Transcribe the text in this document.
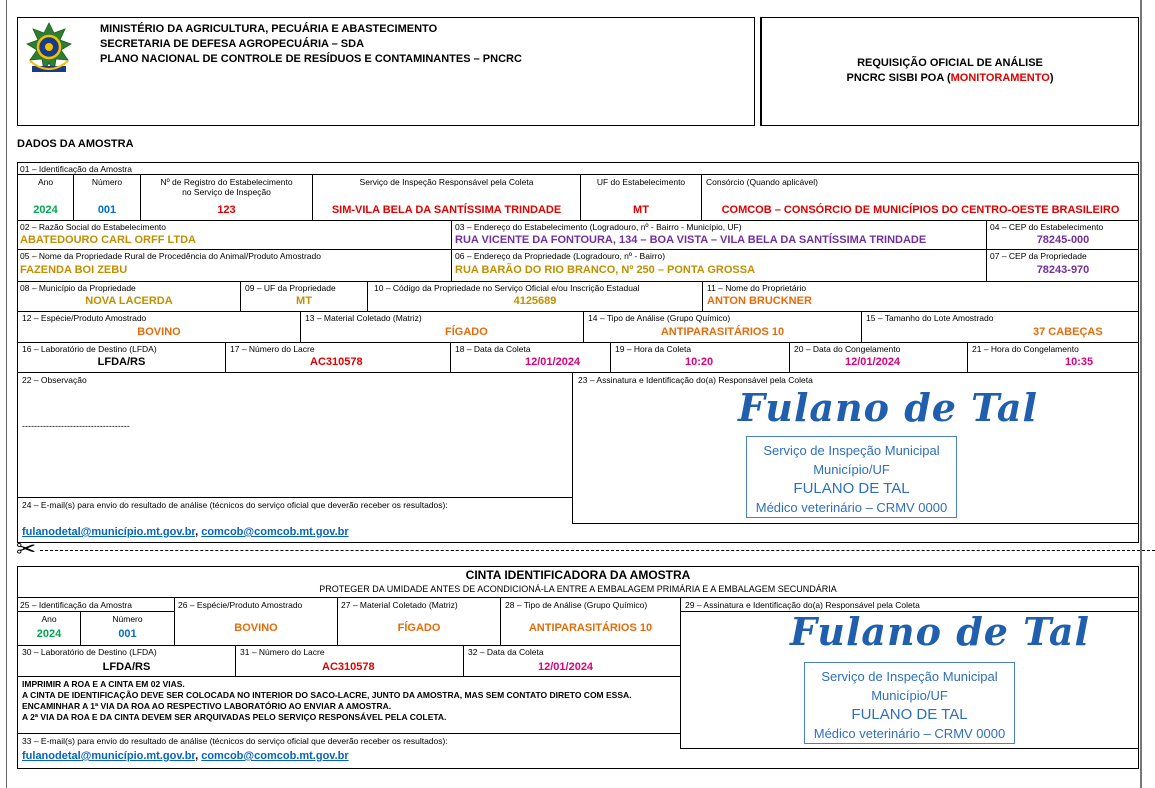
MINISTÉRIO DA AGRICULTURA, PECUÁRIA E ABASTECIMENTO
SECRETARIA DE DEFESA AGROPECUÁRIA – SDA
PLANO NACIONAL DE CONTROLE DE RESÍDUOS E CONTAMINANTES – PNCRC	REQUISIÇÃO OFICIAL DE ANÁLISE
PNCRC SISBI POA (MONITORAMENTO)
DADOS DA AMOSTRA
01 – Identificação da Amostra
Ano
2024
Número
001
Nº de Registro do Estabelecimento
no Serviço de Inspeção
123
Serviço de Inspeção Responsável pela Coleta
SIM-VILA BELA DA SANTÍSSIMA TRINDADE
UF do Estabelecimento
MT
Consórcio (Quando aplicável)
COMCOB – CONSÓRCIO DE MUNICÍPIOS DO CENTRO-OESTE BRASILEIRO
02 – Razão Social do Estabelecimento
ABATEDOURO CARL ORFF LTDA
03 – Endereço do Estabelecimento (Logradouro, nº - Bairro - Município, UF)
RUA VICENTE DA FONTOURA, 134 – BOA VISTA – VILA BELA DA SANTÍSSIMA TRINDADE
04 – CEP do Estabelecimento
78245-000
05 – Nome da Propriedade Rural de Procedência do Animal/Produto Amostrado
FAZENDA BOI ZEBU
06 – Endereço da Propriedade (Logradouro, nº - Bairro)
RUA BARÃO DO RIO BRANCO, Nº 250 – PONTA GROSSA
07 – CEP da Propriedade
78243-970
08 – Município da Propriedade
NOVA LACERDA
09 – UF da Propriedade
MT
10 – Código da Propriedade no Serviço Oficial e/ou Inscrição Estadual
4125689
11 – Nome do Proprietário
ANTON BRUCKNER
12 – Espécie/Produto Amostrado
BOVINO
13 – Material Coletado (Matriz)
FÍGADO
14 – Tipo de Análise (Grupo Químico)
ANTIPARASITÁRIOS 10
15 – Tamanho do Lote Amostrado
37 CABEÇAS
16 – Laboratório de Destino (LFDA)
LFDA/RS
17 – Número do Lacre
AC310578
18 – Data da Coleta
12/01/2024
19 – Hora da Coleta
10:20
20 – Data do Congelamento
12/01/2024
21 – Hora do Congelamento
10:35
22 – Observação
------------------------------------
24 – E-mail(s) para envio do resultado de análise (técnicos do serviço oficial que deverão receber os resultados):
fulanodetal@município.mt.gov.br, comcob@comcob.mt.gov.br
23 – Assinatura e Identificação do(a) Responsável pela Coleta
Fulano de Tal
Serviço de Inspeção Municipal
Município/UF
FULANO DE TAL
Médico veterinário – CRMV 0000
✂
CINTA IDENTIFICADORA DA AMOSTRA
PROTEGER DA UMIDADE ANTES DE ACONDICIONÁ-LA ENTRE A EMBALAGEM PRIMÁRIA E A EMBALAGEM SECUNDÁRIA
25 – Identificação da Amostra
Ano
2024
Número
001
26 – Espécie/Produto Amostrado
BOVINO
27 – Material Coletado (Matriz)
FÍGADO
28 – Tipo de Análise (Grupo Químico)
ANTIPARASITÁRIOS 10
29 – Assinatura e Identificação do(a) Responsável pela Coleta
Fulano de Tal
Serviço de Inspeção Municipal
Município/UF
FULANO DE TAL
Médico veterinário – CRMV 0000
30 – Laboratório de Destino (LFDA)
LFDA/RS
31 – Número do Lacre
AC310578
32 – Data da Coleta
12/01/2024
IMPRIMIR A ROA E A CINTA EM 02 VIAS.
A CINTA DE IDENTIFICAÇÃO DEVE SER COLOCADA NO INTERIOR DO SACO-LACRE, JUNTO DA AMOSTRA, MAS SEM CONTATO DIRETO COM ESSA.
ENCAMINHAR A 1ª VIA DA ROA AO RESPECTIVO LABORATÓRIO AO ENVIAR A AMOSTRA.
A 2ª VIA DA ROA E DA CINTA DEVEM SER ARQUIVADAS PELO SERVIÇO RESPONSÁVEL PELA COLETA.
33 – E-mail(s) para envio do resultado de análise (técnicos do serviço oficial que deverão receber os resultados):
fulanodetal@município.mt.gov.br, comcob@comcob.mt.gov.br
